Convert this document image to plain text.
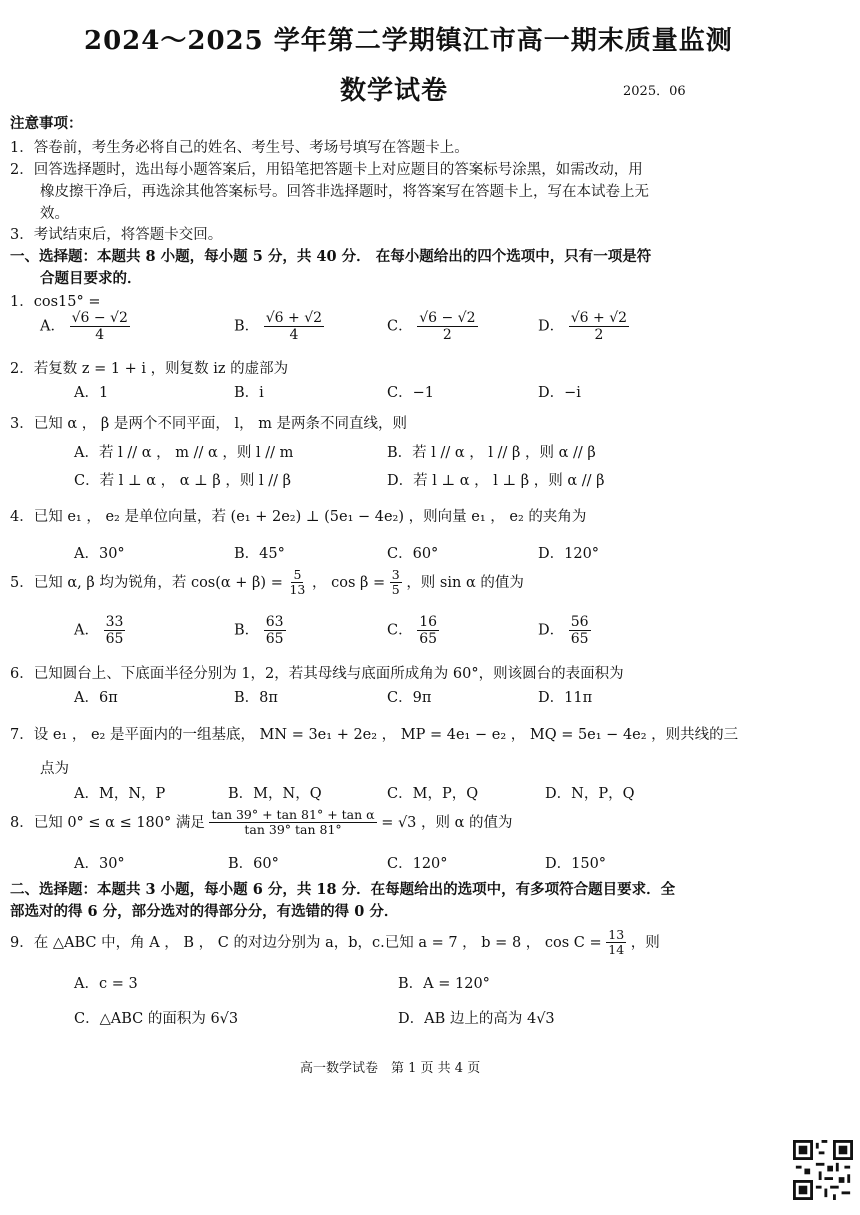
2024～2025 学年第二学期镇江市高一期末质量监测
数学试卷	2025．06
注意事项：
1．答卷前，考生务必将自己的姓名、考生号、考场号填写在答题卡上。
2．回答选择题时，选出每小题答案后，用铅笔把答题卡上对应题目的答案标号涂黑，如需改动，用
橡皮擦干净后，再选涂其他答案标号。回答非选择题时，将答案写在答题卡上，写在本试卷上无
效。
3．考试结束后，将答题卡交回。
一、选择题：本题共 8 小题，每小题 5 分，共 40 分． 在每小题给出的四个选项中，只有一项是符
合题目要求的．
1．cos15° =
A． $\frac{√6 - √2}{4}$	B． $\frac{√6 + √2}{4}$	C． $\frac{√6 - √2}{2}$	D． $\frac{√6 + √2}{2}$
2．若复数 z = 1 + i ，则复数 iz 的虚部为
A．1	B．i	C．−1	D．−i
3．已知 α ， β 是两个不同平面， l， m 是两条不同直线，则
A．若 l // α ， m // α ，则 l // m	B．若 l // α ， l // β ，则 α // β
C．若 l ⊥ α ， α ⊥ β ，则 l // β	D．若 l ⊥ α ， l ⊥ β ，则 α // β
4．已知 e₁ ， e₂ 是单位向量，若 (e₁ + 2e₂) ⊥ (5e₁ − 4e₂) ，则向量 e₁ ， e₂ 的夹角为
A．30°	B．45°	C．60°	D．120°
5．已知 α, β 均为锐角，若 $\cos(\alpha + \beta) = \frac{5}{13}$ ， $\cos \beta = \frac{3}{5}$ ，则 sin α 的值为
A． $\frac{33}{65}$	B． $\frac{63}{65}$	C． $\frac{16}{65}$	D． $\frac{56}{65}$
6．已知圆台上、下底面半径分别为 1，2，若其母线与底面所成角为 60°，则该圆台的表面积为
A．6π	B．8π	C．9π	D．11π
7．设 e₁ ， e₂ 是平面内的一组基底， MN = 3e₁ + 2e₂ ， MP = 4e₁ − e₂ ， MQ = 5e₁ − 4e₂ ，则共线的三
点为
A．M，N，P	B．M，N，Q	C．M，P，Q	D．N，P，Q
8．已知 0° ≤ α ≤ 180° 满足 $\frac{\text{tan 39° + tan 81° + tan α}}{\tan 39^\circ \tan 81^\circ} = √3$ ，则 α 的值为
A．30°	B．60°	C．120°	D．150°
二、选择题：本题共 3 小题，每小题 6 分，共 18 分．在每题给出的选项中，有多项符合题目要求．全
部选对的得 6 分，部分选对的得部分分，有选错的得 0 分．
9．在 △ABC 中，角 A ， B ， C 的对边分别为 a，b，c.已知 a = 7 ， b = 8 ， $\cos C = \frac{13}{14}$ ，则
A．c = 3	B．A = 120°
C．△ABC 的面积为 6√3	D．AB 边上的高为 4√3
高一数学试卷　第 1 页 共 4 页
